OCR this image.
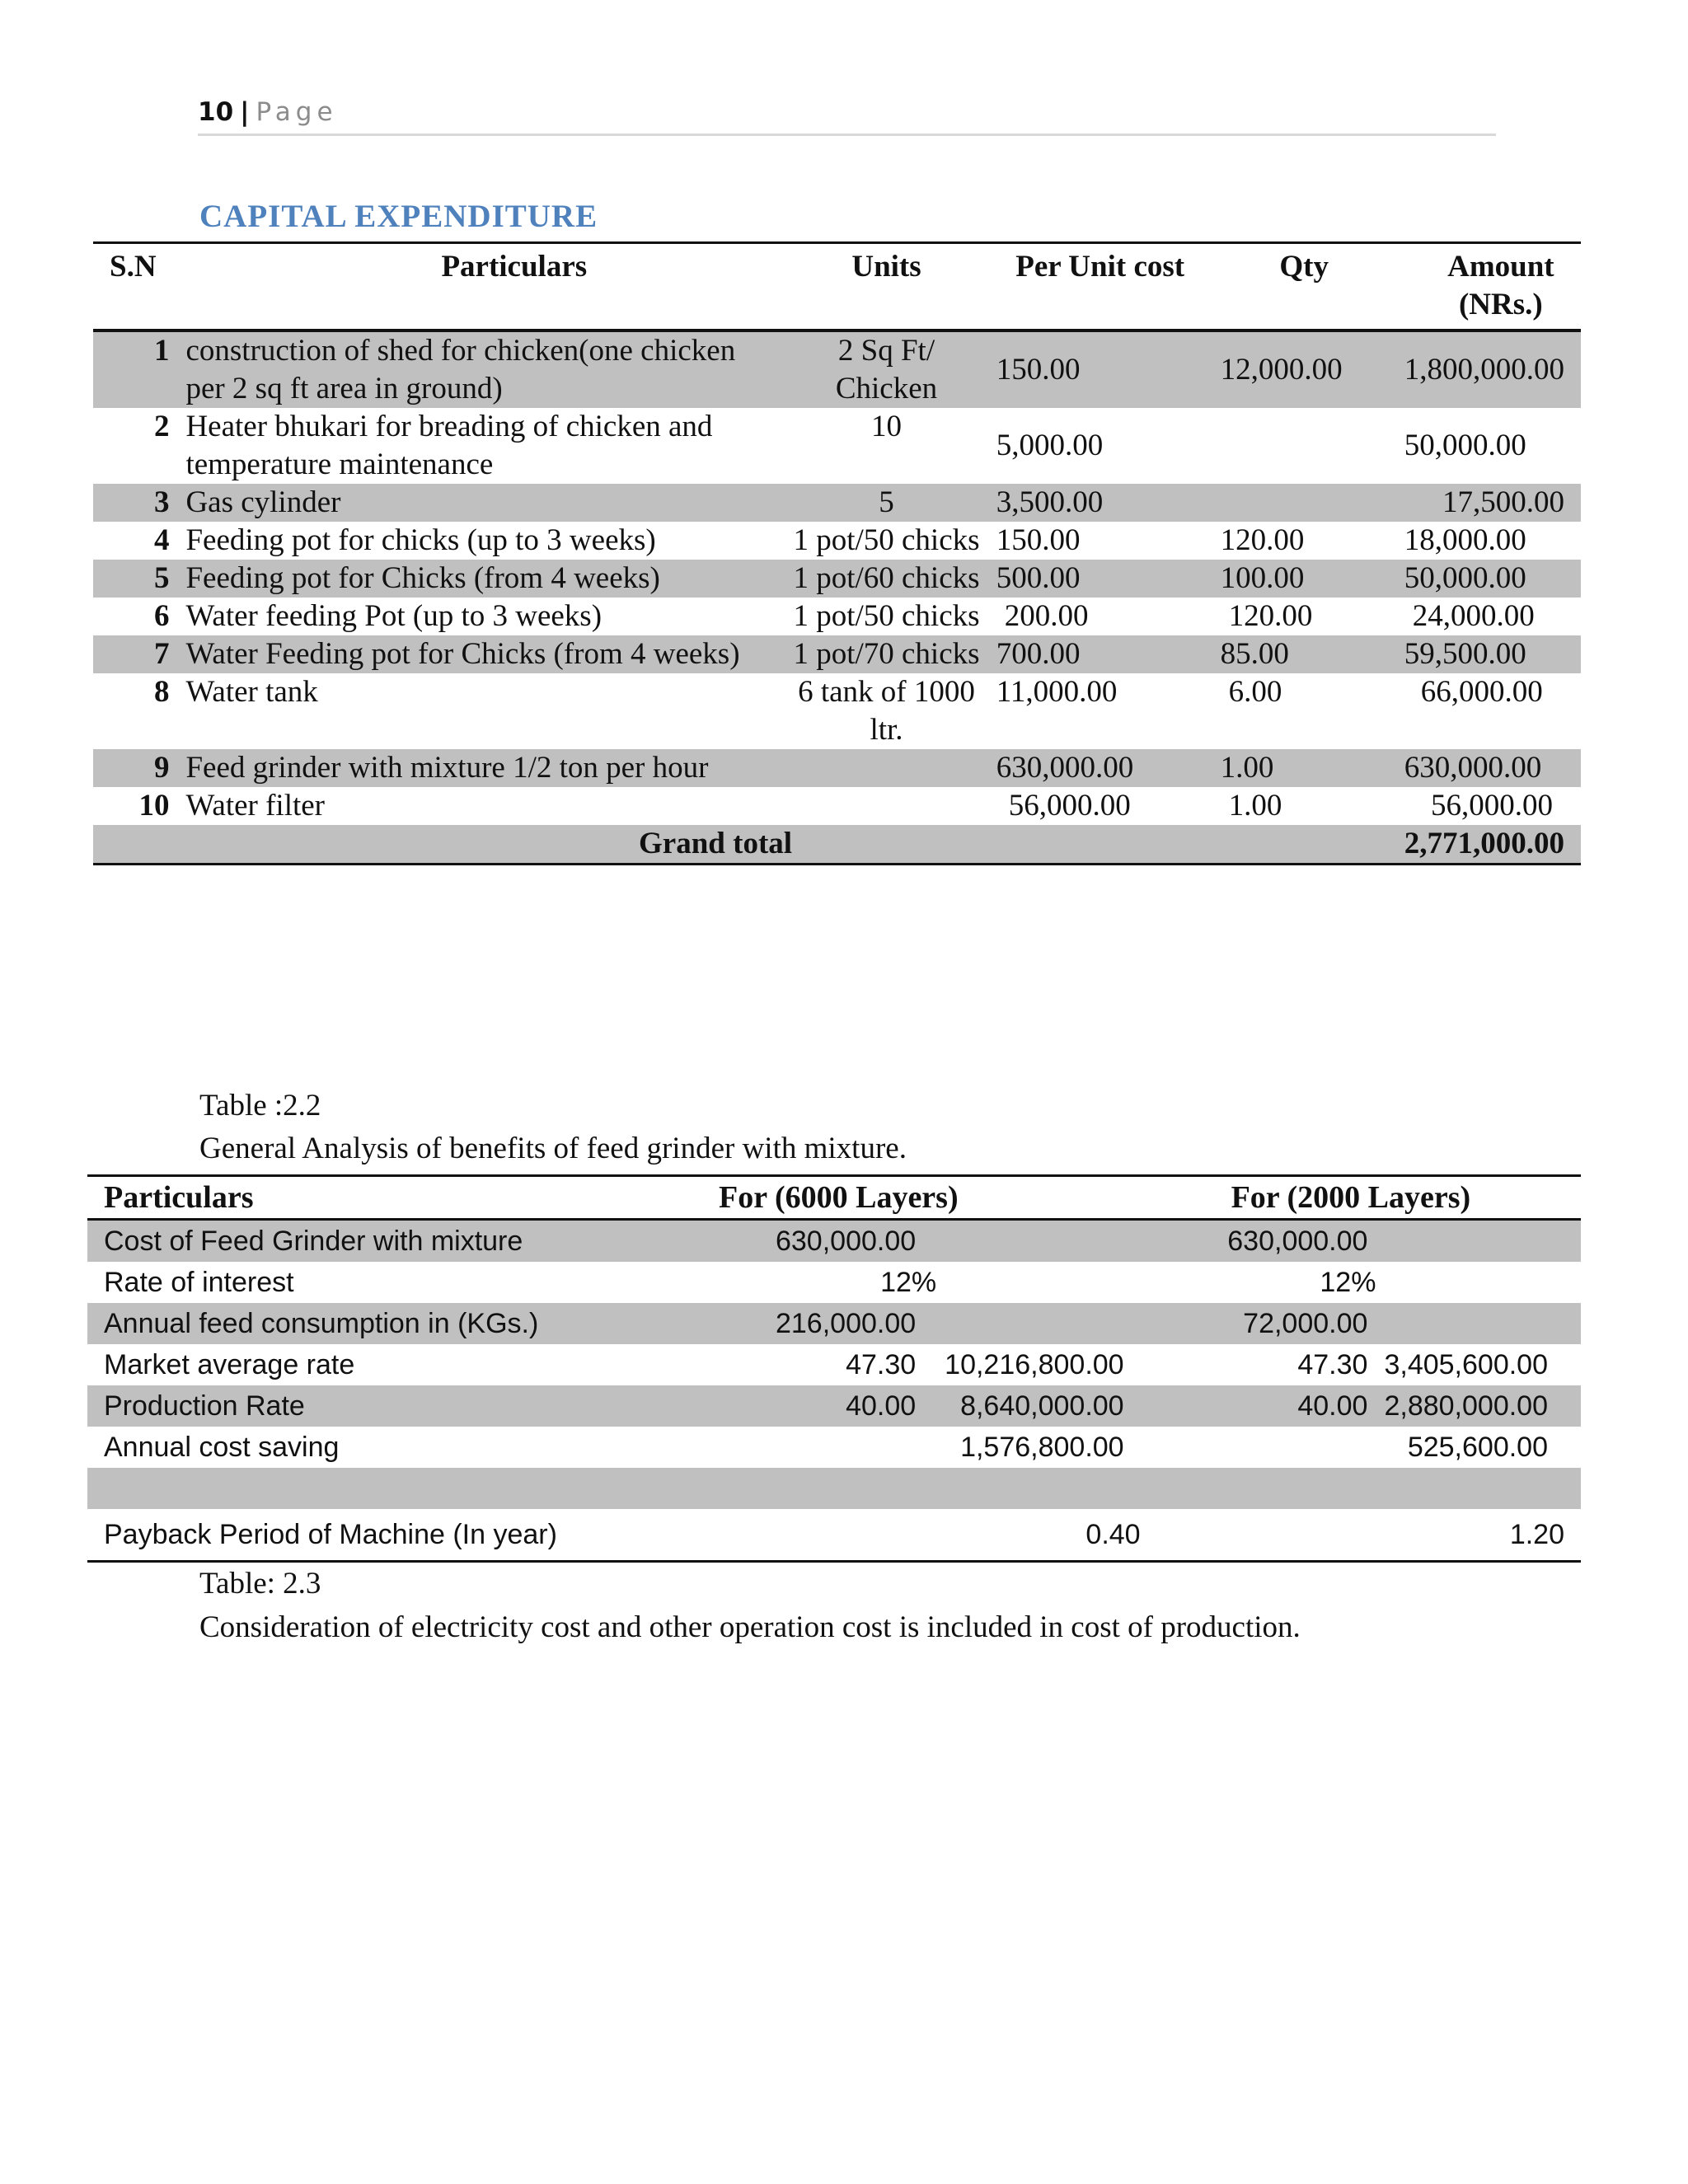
10 | Page
CAPITAL EXPENDITURE
S.N	Particulars	Units	Per Unit cost	Qty	Amount (NRs.)
1	construction of shed for chicken(one chicken per 2 sq ft area in ground)	2 Sq Ft/ Chicken	150.00	12,000.00	1,800,000.00
2	Heater bhukari for breading of chicken and temperature maintenance	10	5,000.00		50,000.00
3	Gas cylinder	5	3,500.00		17,500.00
4	Feeding pot for chicks (up to 3 weeks)	1 pot/50 chicks	150.00	120.00	18,000.00
5	Feeding pot for Chicks (from 4 weeks)	1 pot/60 chicks	500.00	100.00	50,000.00
6	Water feeding Pot (up to 3 weeks)	1 pot/50 chicks	200.00	120.00	24,000.00
7	Water Feeding pot for Chicks (from 4 weeks)	1 pot/70 chicks	700.00	85.00	59,500.00
8	Water tank	6 tank of 1000 ltr.	11,000.00	6.00	66,000.00
9	Feed grinder with mixture 1/2 ton per hour		630,000.00	1.00	630,000.00
10	Water filter		56,000.00	1.00	56,000.00
	Grand total				2,771,000.00
Table :2.2
General Analysis of benefits of feed grinder with mixture.
Particulars	For (6000 Layers)		For (2000 Layers)	
Cost of Feed Grinder with mixture	630,000.00		630,000.00	
Rate of interest	12%		12%	
Annual feed consumption in (KGs.)	216,000.00		72,000.00	
Market average rate	47.30	10,216,800.00	47.30	3,405,600.00
Production Rate	40.00	8,640,000.00	40.00	2,880,000.00
Annual cost saving		1,576,800.00		525,600.00

Payback Period of Machine (In year)		0.40		1.20
Table: 2.3
Consideration of electricity cost and other operation cost is included in cost of production.
